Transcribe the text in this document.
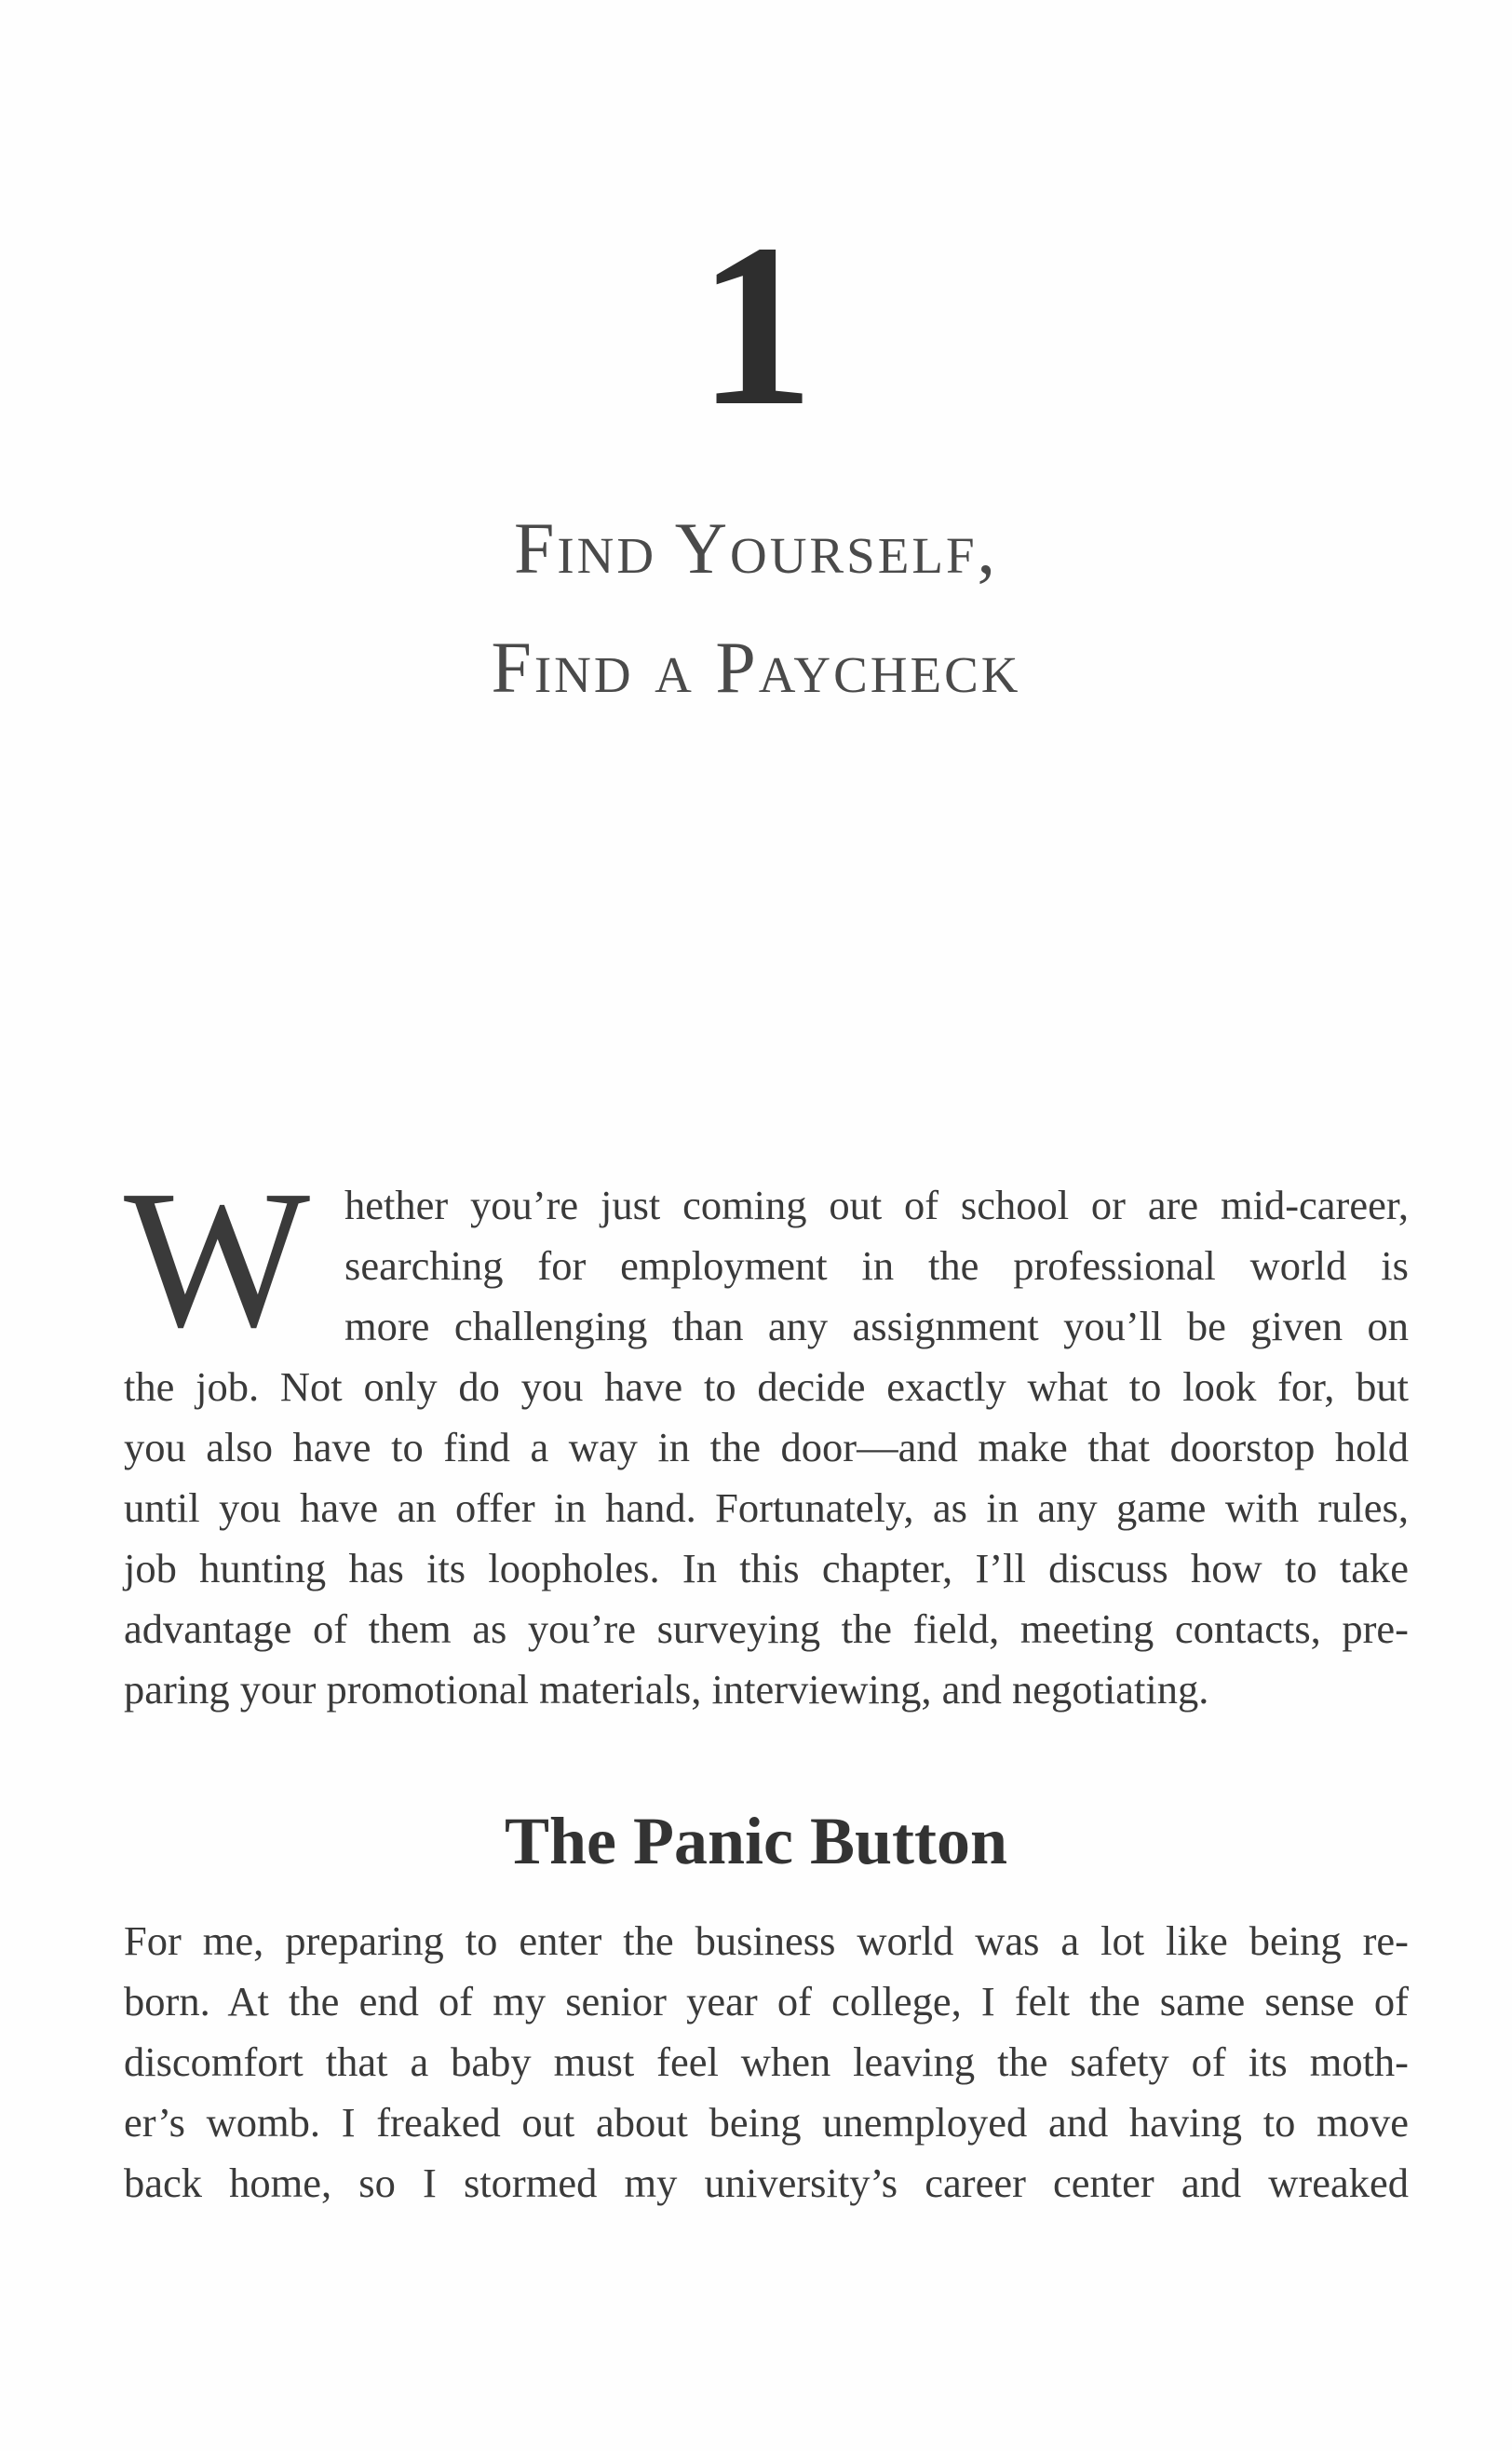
1
Find Yourself,
Find a Paycheck
W hether you’re just coming out of school or are mid-career,
searching for employment in the professional world is
more challenging than any assignment you’ll be given on
the job. Not only do you have to decide exactly what to look for, but
you also have to find a way in the door—and make that doorstop hold
until you have an offer in hand. Fortunately, as in any game with rules,
job hunting has its loopholes. In this chapter, I’ll discuss how to take
advantage of them as you’re surveying the field, meeting contacts, pre-
paring your promotional materials, interviewing, and negotiating.
The Panic Button
For me, preparing to enter the business world was a lot like being re-
born. At the end of my senior year of college, I felt the same sense of
discomfort that a baby must feel when leaving the safety of its moth-
er’s womb. I freaked out about being unemployed and having to move
back home, so I stormed my university’s career center and wreaked
